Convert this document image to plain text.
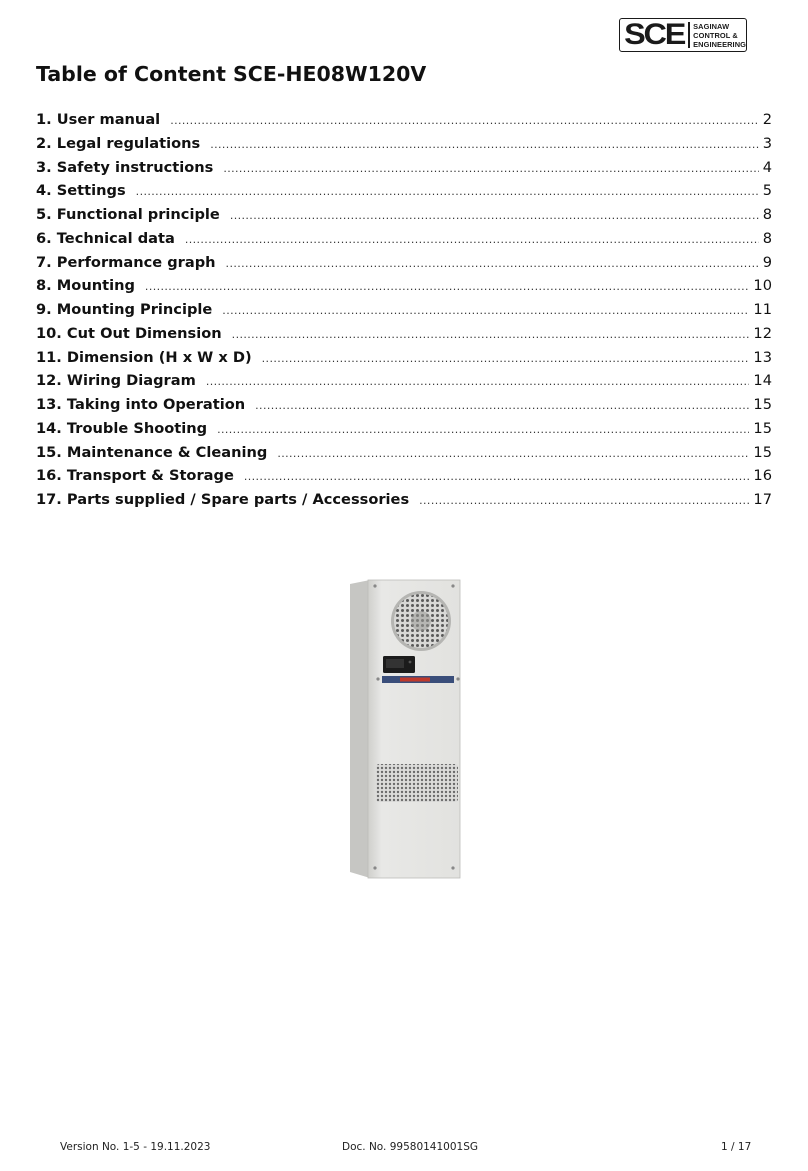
SCE	SAGINAW
CONTROL &
ENGINEERING
Table of Content SCE-HE08W120V
1. User manual .....	2
2. Legal regulations .....	3
3. Safety instructions .....	4
4. Settings .....	5
5. Functional principle .....	8
6. Technical data .....	8
7. Performance graph .....	9
8. Mounting .....	10
9. Mounting Principle .....	11
10. Cut Out Dimension .....	12
11. Dimension (H x W x D) .....	13
12. Wiring Diagram .....	14
13. Taking into Operation .....	15
14. Trouble Shooting .....	15
15. Maintenance & Cleaning .....	15
16. Transport & Storage .....	16
17. Parts supplied / Spare parts / Accessories .....	17
Version No. 1-5 - 19.11.2023	Doc. No. 99580141001SG	1 / 17
